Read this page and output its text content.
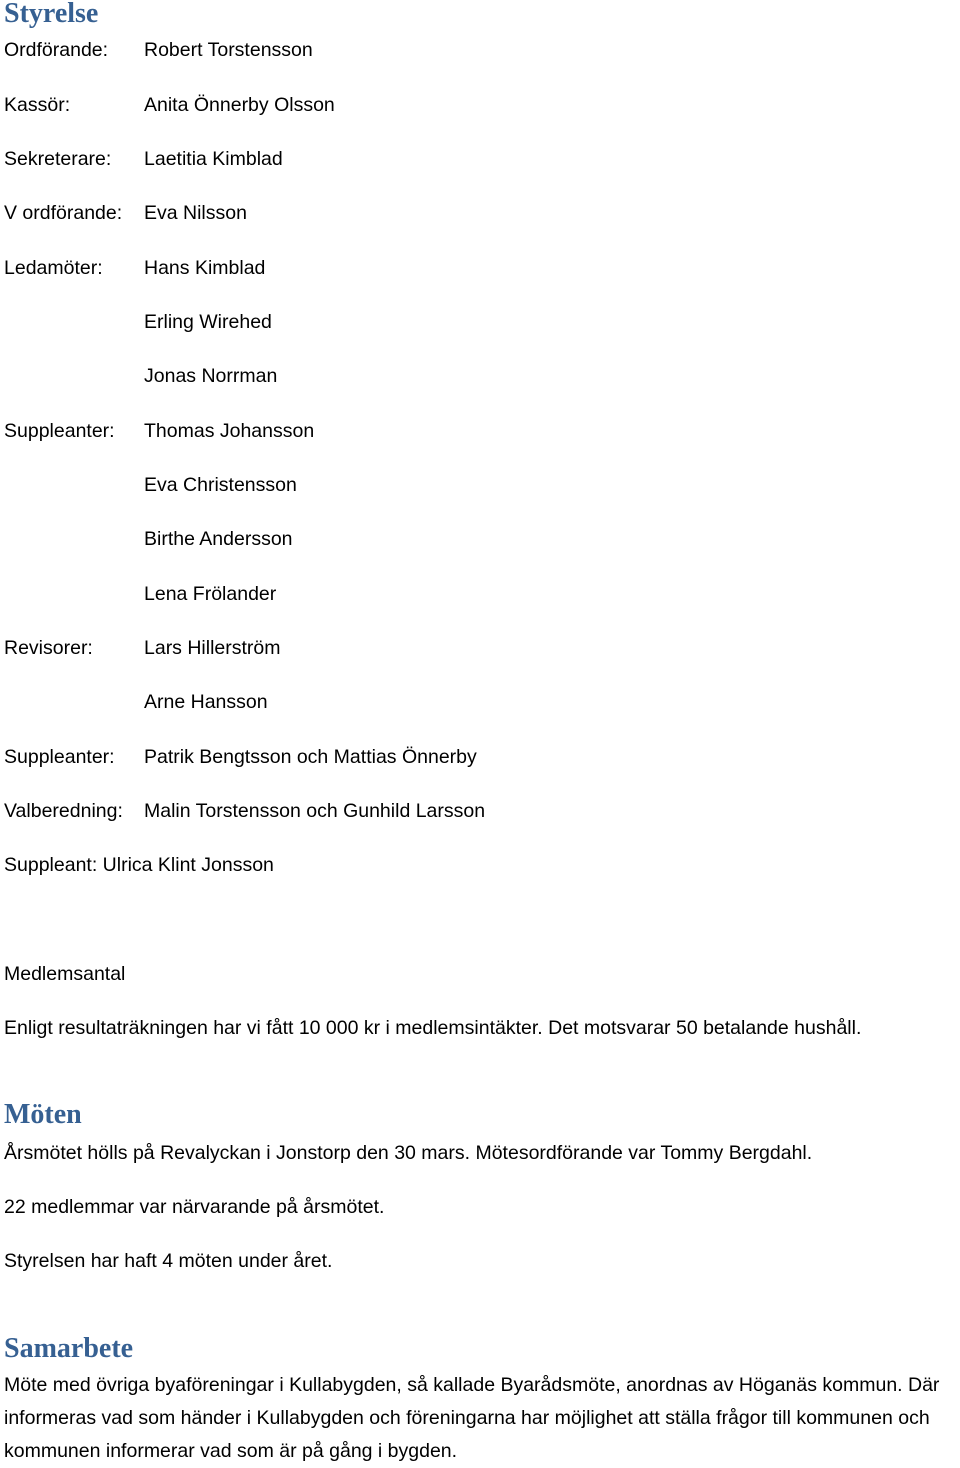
Styrelse
Ordförande: Robert Torstensson
Kassör:	Anita Önnerby Olsson
Sekreterare: Laetitia Kimblad
V ordförande: Eva Nilsson
Ledamöter: Hans Kimblad
Erling Wirehed
Jonas Norrman
Suppleanter: Thomas Johansson
Eva Christensson
Birthe Andersson
Lena Frölander
Revisorer:	Lars Hillerström
Arne Hansson
Suppleanter: Patrik Bengtsson och Mattias Önnerby
Valberedning: Malin Torstensson och Gunhild Larsson
Suppleant: Ulrica Klint Jonsson
Medlemsantal
Enligt resultaträkningen har vi fått 10 000 kr i medlemsintäkter. Det motsvarar 50 betalande hushåll.
Möten
Årsmötet hölls på Revalyckan i Jonstorp den 30 mars. Mötesordförande var Tommy Bergdahl.
22 medlemmar var närvarande på årsmötet.
Styrelsen har haft 4 möten under året.
Samarbete

Möte med övriga byaföreningar i Kullabygden, så kallade Byarådsmöte, anordnas av Höganäs kommun. Där informeras vad som händer i Kullabygden och föreningarna har möjlighet att ställa frågor till kommunen och kommunen informerar vad som är på gång i bygden.
